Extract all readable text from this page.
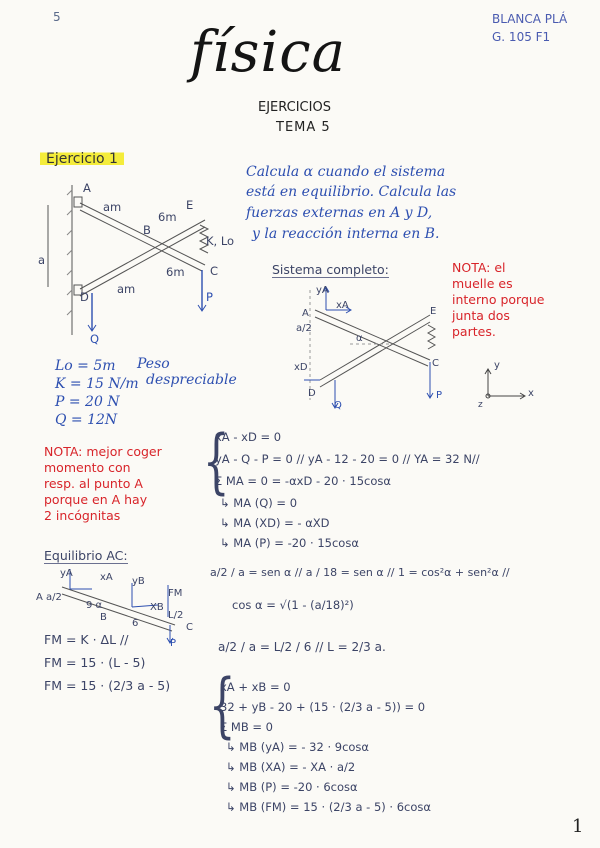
5	BLANCA PLÁ
G. 105 F1
física
EJERCICIOS
TEMA 5
Ejercicio 1
Calcula α cuando el sistema
está en equilibrio. Calcula las
fuerzas externas en A y D,
y la reacción interna en B.
A
am
6m
E
B
K, Lo
a
6m C
D
am
P
Q
Lo = 5m
K = 15 N/m
P = 20 N
Q = 12N
Peso
despreciable
Sistema completo:	NOTA: el
muelle es
interno porque
junta dos
partes.
yA
xA
A
a/2
E
α
xD	C
D
Q
P
y
x
z
NOTA: mejor coger
momento con
resp. al punto A
porque en A hay
2 incógnitas
{
xA - xD = 0
yA - Q - P = 0 // yA - 12 - 20 = 0 // YA = 32 N//
Σ MA = 0 = -αxD - 20 · 15cosα
↳ MA (Q) = 0
↳ MA (XD) = - αXD
↳ MA (P) = -20 · 15cosα
Equilibrio AC:
yA	xA yB
FM
a/2
A
9 α	XB
L/2
B
6	C
P
FM = K · ΔL //
FM = 15 · (L - 5)
FM = 15 · (2/3 a - 5)
a/2 / a = sen α // a / 18 = sen α // 1 = cos²α + sen²α //
cos α = √(1 - (a/18)²)
a/2 / a = L/2 / 6 // L = 2/3 a.
{
xA + xB = 0
32 + yB - 20 + (15 · (2/3 a - 5)) = 0
Σ MB = 0
↳ MB (yA) = - 32 · 9cosα
↳ MB (XA) = - XA · a/2
↳ MB (P) = -20 · 6cosα
↳ MB (FM) = 15 · (2/3 a - 5) · 6cosα
1
